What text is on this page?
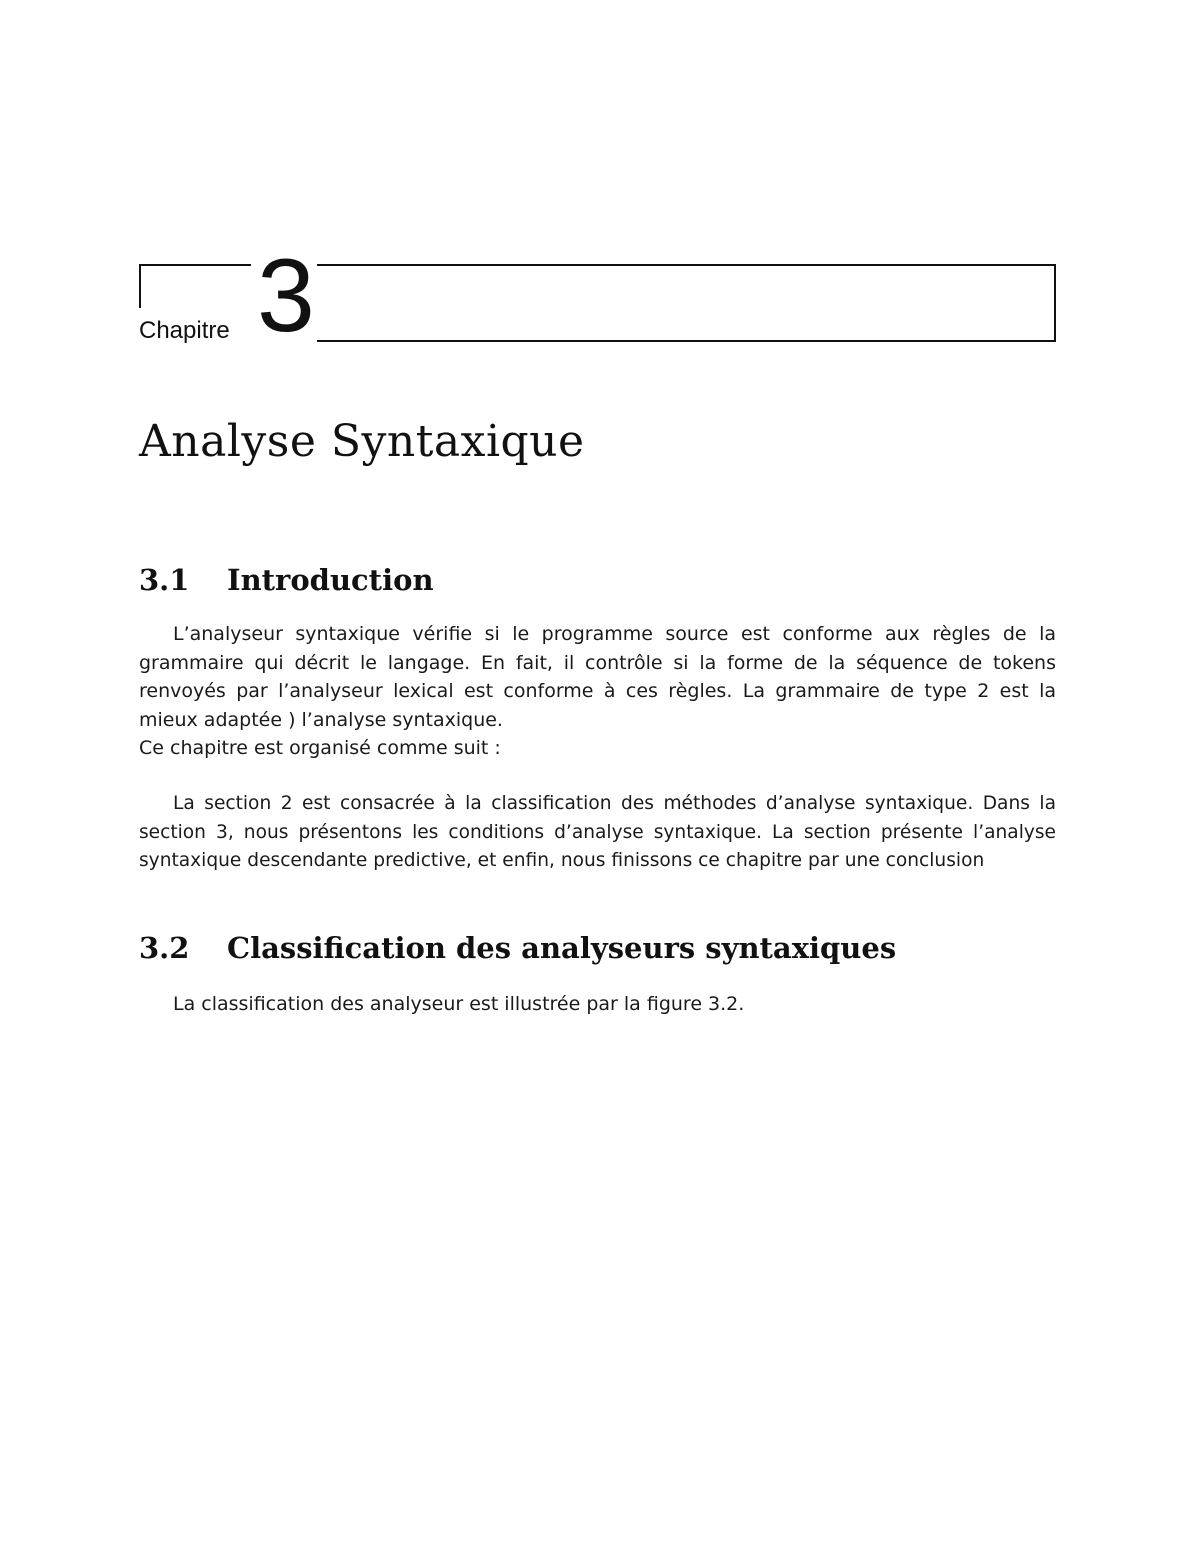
Chapitre 3
Analyse Syntaxique
3.1 Introduction

L’analyseur syntaxique vérifie si le programme source est conforme aux règles de la
grammaire qui décrit le langage. En fait, il contrôle si la forme de la séquence de tokens
renvoyés par l’analyseur lexical est conforme à ces règles. La grammaire de type 2 est la
mieux adaptée ) l’analyse syntaxique.

Ce chapitre est organisé comme suit :

La section 2 est consacrée à la classification des méthodes d’analyse syntaxique. Dans la
section 3, nous présentons les conditions d’analyse syntaxique. La section présente l’analyse
syntaxique descendante predictive, et enfin, nous finissons ce chapitre par une conclusion

3.2 Classification des analyseurs syntaxiques

La classification des analyseur est illustrée par la figure 3.2.
